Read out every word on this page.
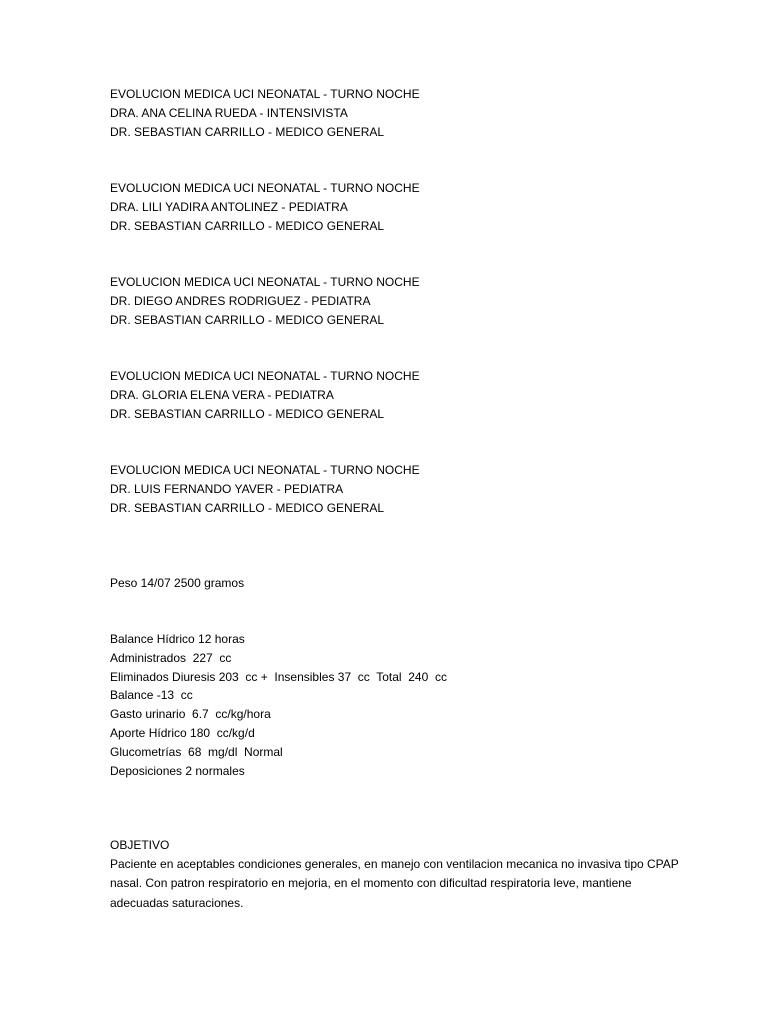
EVOLUCION MEDICA UCI NEONATAL - TURNO NOCHE
DRA. ANA CELINA RUEDA - INTENSIVISTA
DR. SEBASTIAN CARRILLO - MEDICO GENERAL
EVOLUCION MEDICA UCI NEONATAL - TURNO NOCHE
DRA. LILI YADIRA ANTOLINEZ - PEDIATRA
DR. SEBASTIAN CARRILLO - MEDICO GENERAL
EVOLUCION MEDICA UCI NEONATAL - TURNO NOCHE
DR. DIEGO ANDRES RODRIGUEZ - PEDIATRA
DR. SEBASTIAN CARRILLO - MEDICO GENERAL
EVOLUCION MEDICA UCI NEONATAL - TURNO NOCHE
DRA. GLORIA ELENA VERA - PEDIATRA
DR. SEBASTIAN CARRILLO - MEDICO GENERAL
EVOLUCION MEDICA UCI NEONATAL - TURNO NOCHE
DR. LUIS FERNANDO YAVER - PEDIATRA
DR. SEBASTIAN CARRILLO - MEDICO GENERAL
Peso 14/07 2500 gramos
Balance Hídrico 12 horas
Administrados  227  cc
Eliminados Diuresis 203  cc +  Insensibles 37  cc  Total  240  cc
Balance -13  cc
Gasto urinario  6.7  cc/kg/hora
Aporte Hídrico 180  cc/kg/d
Glucometrías  68  mg/dl  Normal
Deposiciones 2 normales
OBJETIVO
Paciente en aceptables condiciones generales, en manejo con ventilacion mecanica no invasiva tipo CPAP nasal. Con patron respiratorio en mejoria, en el momento con dificultad respiratoria leve, mantiene adecuadas saturaciones.
